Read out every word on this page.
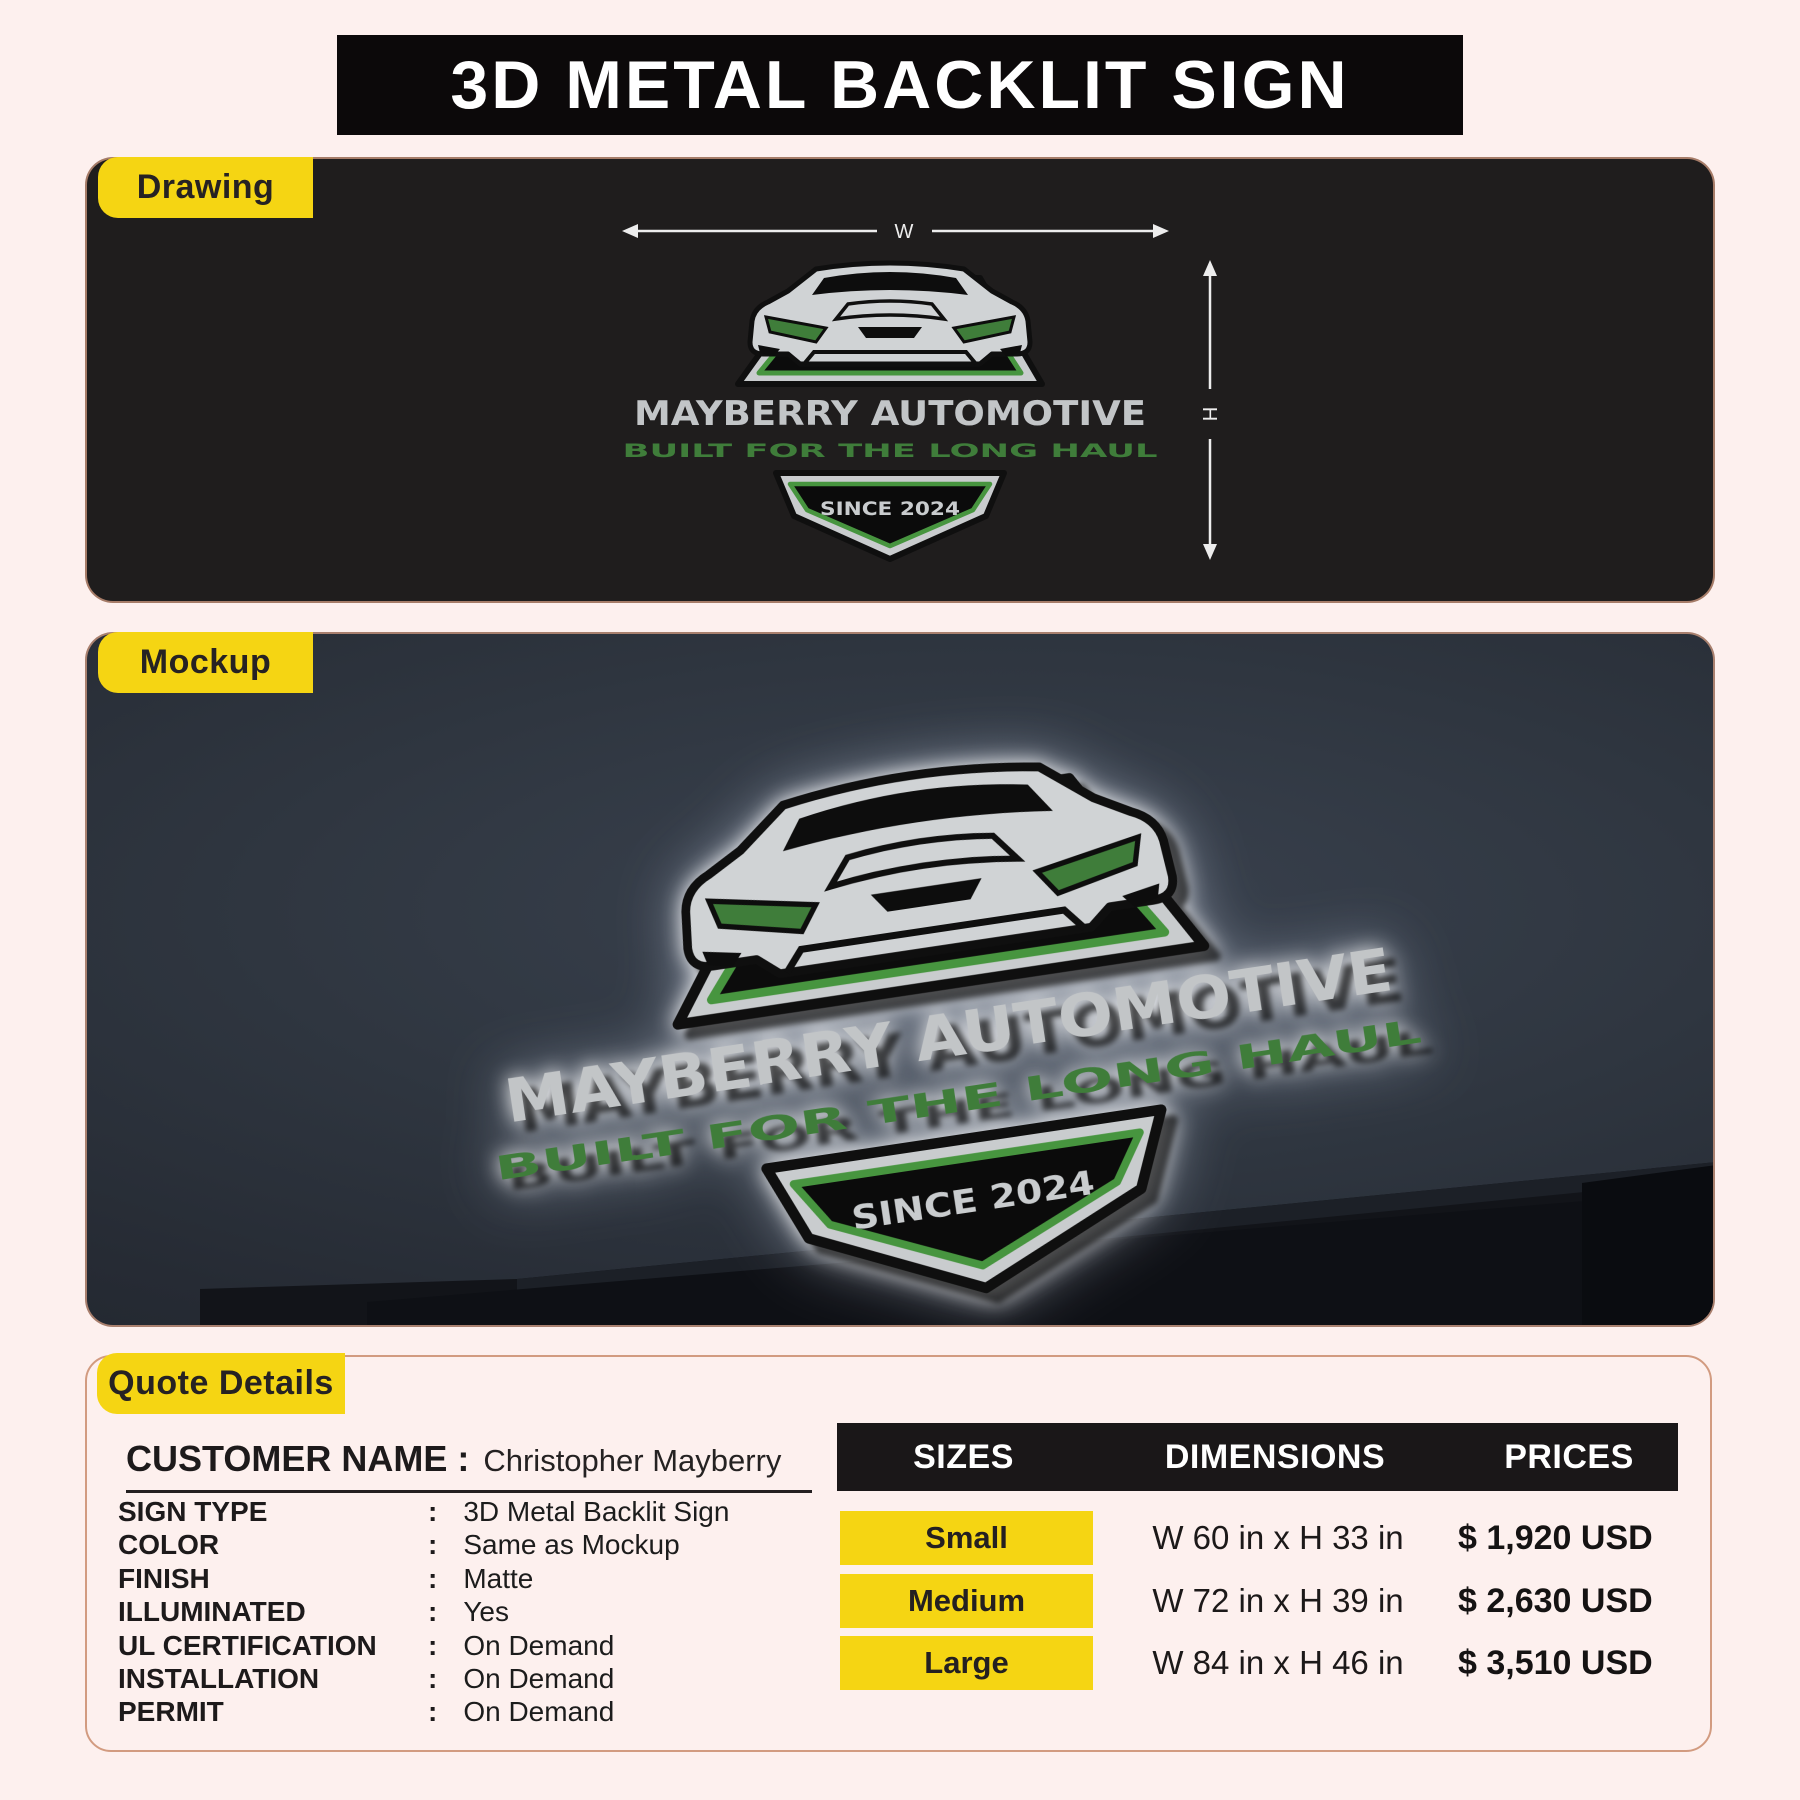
3D METAL BACKLIT SIGN
W
H
Drawing
Mockup
Quote Details
CUSTOMER NAME : Christopher Mayberry
SIGN TYPE	: 3D Metal Backlit Sign
COLOR	: Same as Mockup
FINISH	: Matte
ILLUMINATED	: Yes
UL CERTIFICATION	: On Demand
INSTALLATION	: On Demand
PERMIT	: On Demand
SIZES	DIMENSIONS	PRICES
Small	W 60 in x H 33 in	$ 1,920 USD
Medium	W 72 in x H 39 in	$ 2,630 USD
Large	W 84 in x H 46 in	$ 3,510 USD
